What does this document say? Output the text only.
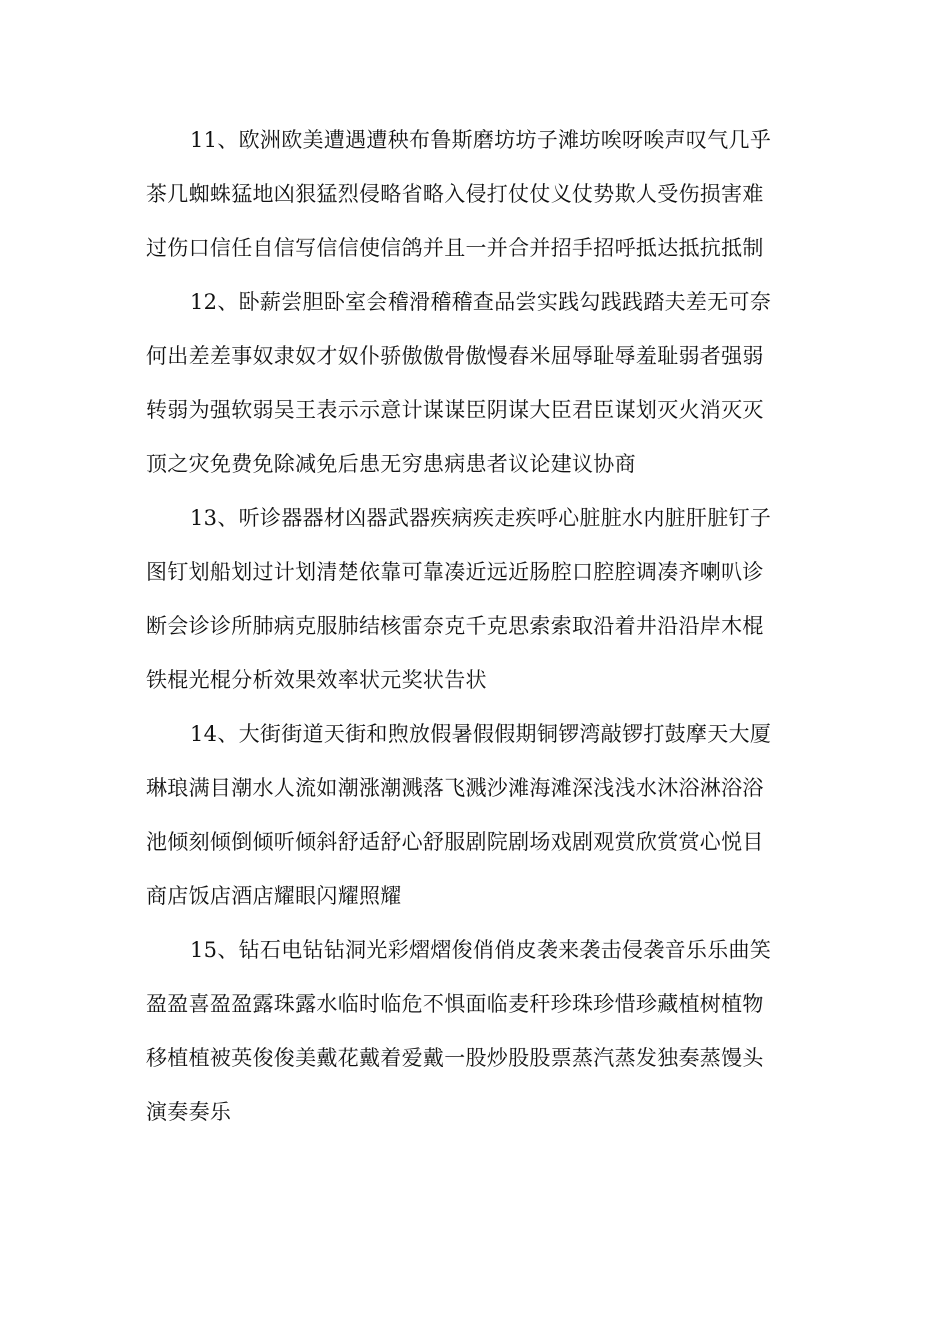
11、欧洲欧美遭遇遭秧布鲁斯磨坊坊子滩坊唉呀唉声叹气几乎
茶几蜘蛛猛地凶狠猛烈侵略省略入侵打仗仗义仗势欺人受伤损害难
过伤口信任自信写信信使信鸽并且一并合并招手招呼抵达抵抗抵制
12、卧薪尝胆卧室会稽滑稽稽查品尝实践勾践践踏夫差无可奈
何出差差事奴隶奴才奴仆骄傲傲骨傲慢舂米屈辱耻辱羞耻弱者强弱
转弱为强软弱吴王表示示意计谋谋臣阴谋大臣君臣谋划灭火消灭灭
顶之灾免费免除减免后患无穷患病患者议论建议协商
13、听诊器器材凶器武器疾病疾走疾呼心脏脏水内脏肝脏钉子
图钉划船划过计划清楚依靠可靠凑近远近肠腔口腔腔调凑齐喇叭诊
断会诊诊所肺病克服肺结核雷奈克千克思索索取沿着井沿沿岸木棍
铁棍光棍分析效果效率状元奖状告状
14、大街街道天街和煦放假暑假假期铜锣湾敲锣打鼓摩天大厦
琳琅满目潮水人流如潮涨潮溅落飞溅沙滩海滩深浅浅水沐浴淋浴浴
池倾刻倾倒倾听倾斜舒适舒心舒服剧院剧场戏剧观赏欣赏赏心悦目
商店饭店酒店耀眼闪耀照耀
15、钻石电钻钻洞光彩熠熠俊俏俏皮袭来袭击侵袭音乐乐曲笑
盈盈喜盈盈露珠露水临时临危不惧面临麦秆珍珠珍惜珍藏植树植物
移植植被英俊俊美戴花戴着爱戴一股炒股股票蒸汽蒸发独奏蒸馒头
演奏奏乐
